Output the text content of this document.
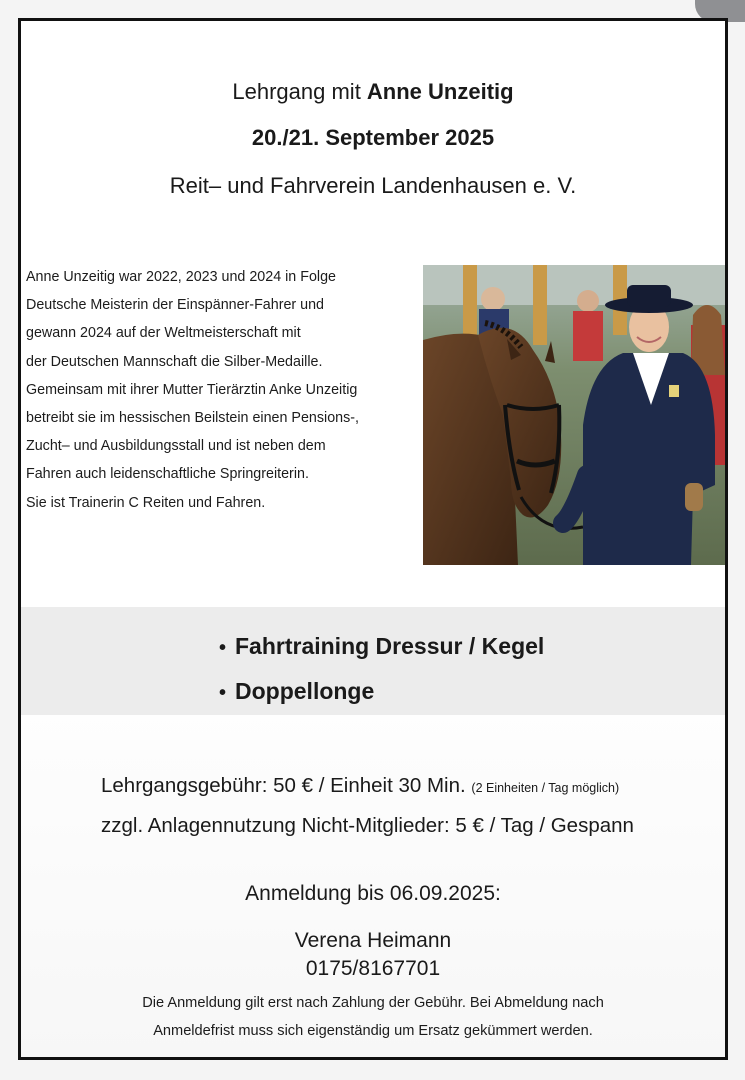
Lehrgang mit Anne Unzeitig
20./21. September 2025
Reit– und Fahrverein Landenhausen e. V.
Anne Unzeitig war 2022, 2023 und 2024 in Folge
Deutsche Meisterin der Einspänner-Fahrer und
gewann 2024 auf der Weltmeisterschaft mit
der Deutschen Mannschaft die Silber-Medaille.
Gemeinsam mit ihrer Mutter Tierärztin Anke Unzeitig
betreibt sie im hessischen Beilstein einen Pensions-,
Zucht– und Ausbildungsstall und ist neben dem
Fahren auch leidenschaftliche Springreiterin.
Sie ist Trainerin C Reiten und Fahren.
• Fahrtraining Dressur / Kegel
• Doppellonge
Lehrgangsgebühr: 50 € / Einheit 30 Min. (2 Einheiten / Tag möglich)
zzgl. Anlagennutzung Nicht-Mitglieder: 5 € / Tag / Gespann
Anmeldung bis 06.09.2025:
Verena Heimann
0175/8167701
Die Anmeldung gilt erst nach Zahlung der Gebühr. Bei Abmeldung nach
Anmeldefrist muss sich eigenständig um Ersatz gekümmert werden.
